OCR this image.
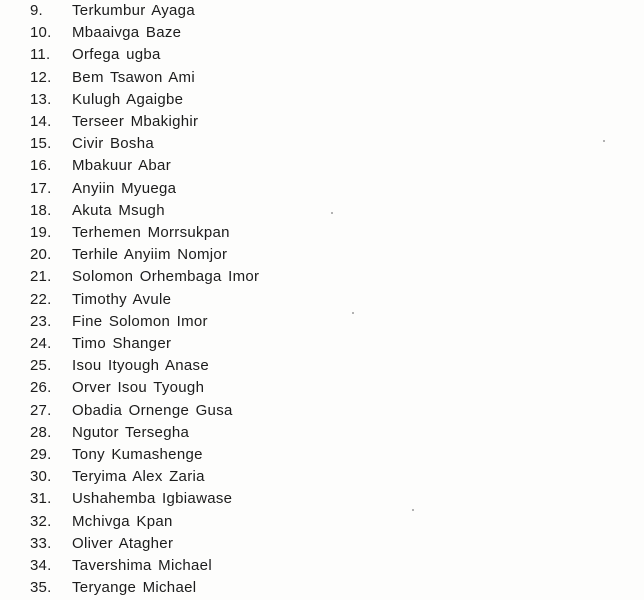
9.	Terkumbur Ayaga
10.	Mbaaivga Baze
11.	Orfega ugba
12.	Bem Tsawon Ami
13.	Kulugh Agaigbe
14.	Terseer Mbakighir
15.	Civir Bosha
16.	Mbakuur Abar
17.	Anyiin Myuega
18.	Akuta Msugh
19.	Terhemen Morrsukpan
20.	Terhile Anyiim Nomjor
21.	Solomon Orhembaga Imor
22.	Timothy Avule
23.	Fine Solomon Imor
24.	Timo Shanger
25.	Isou Ityough Anase
26.	Orver Isou Tyough
27.	Obadia Ornenge Gusa
28.	Ngutor Tersegha
29.	Tony Kumashenge
30.	Teryima Alex Zaria
31.	Ushahemba Igbiawase
32.	Mchivga Kpan
33.	Oliver Atagher
34.	Tavershima Michael
35.	Teryange Michael
